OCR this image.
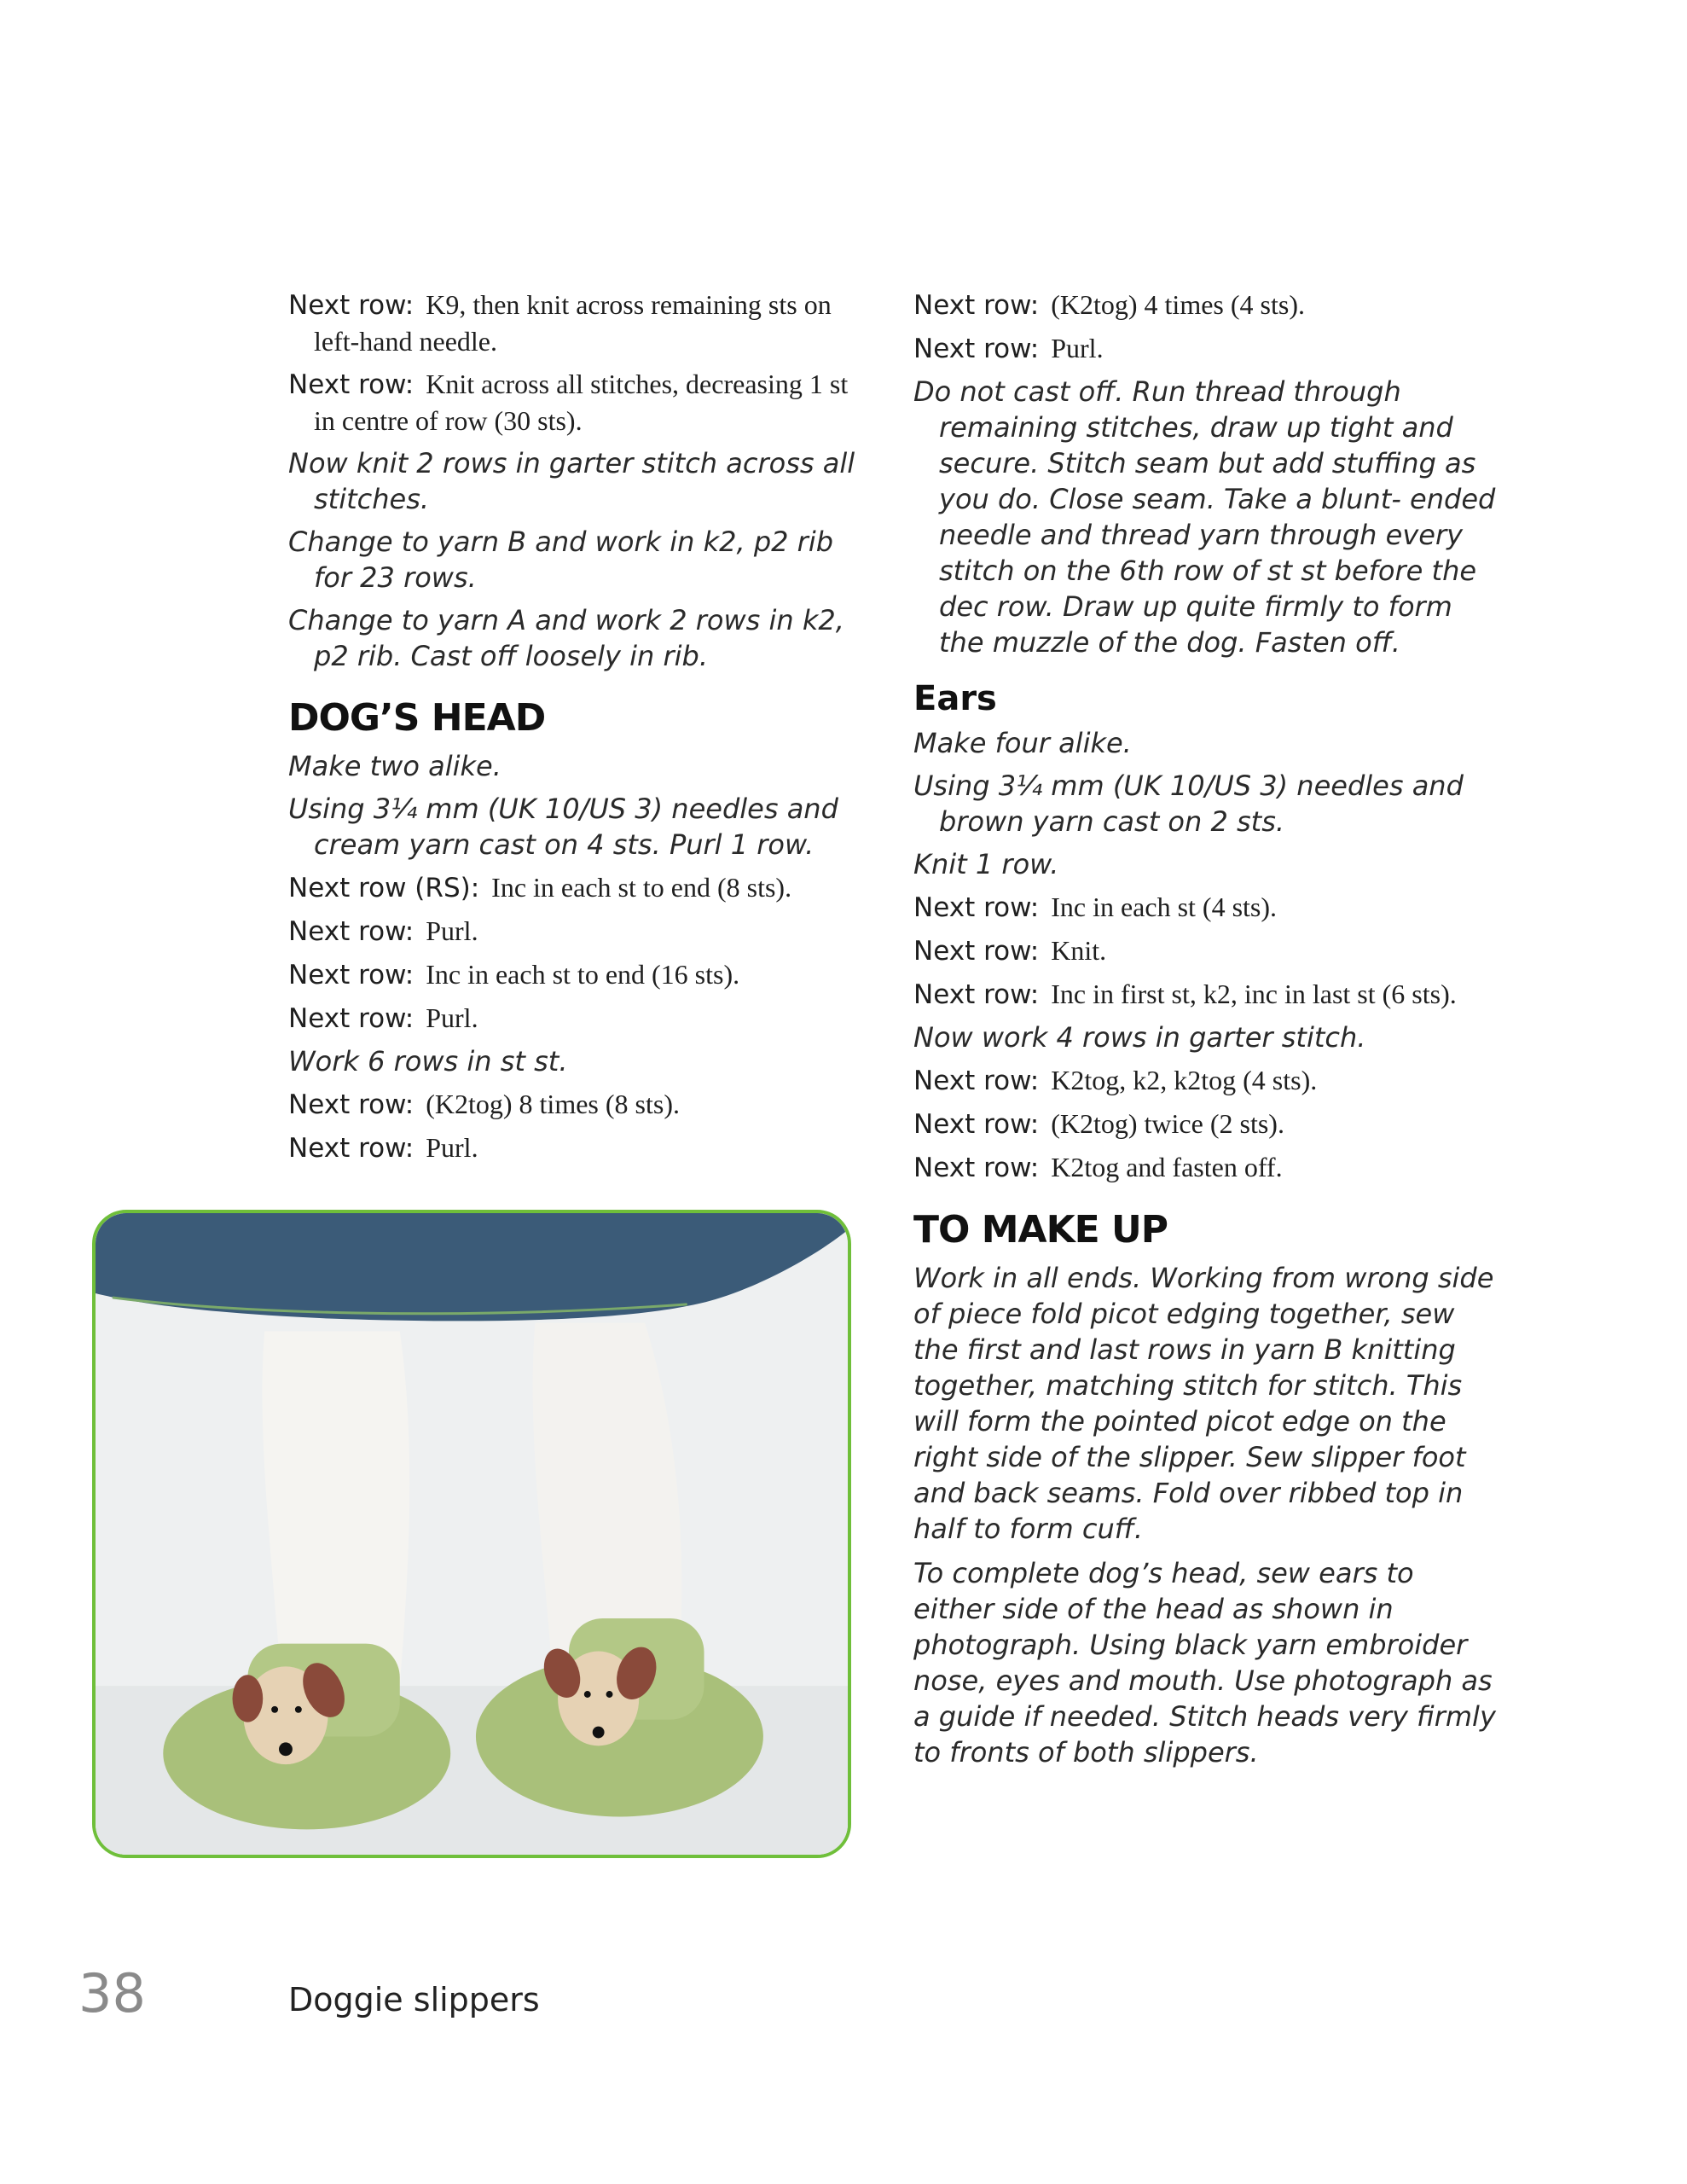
Next row: K9, then knit across remaining sts on left-hand needle.
Next row: Knit across all stitches, decreasing 1 st in centre of row (30 sts).
Now knit 2 rows in garter stitch across all stitches.
Change to yarn B and work in k2, p2 rib for 23 rows.
Change to yarn A and work 2 rows in k2, p2 rib. Cast off loosely in rib.
DOG’S HEAD
Make two alike.
Using 3¼ mm (UK 10/US 3) needles and cream yarn cast on 4 sts. Purl 1 row.
Next row (RS): Inc in each st to end (8 sts).
Next row: Purl.
Next row: Inc in each st to end (16 sts).
Next row: Purl.
Work 6 rows in st st.
Next row: (K2tog) 8 times (8 sts).
Next row: Purl.
Next row: (K2tog) 4 times (4 sts).
Next row: Purl.
Do not cast off. Run thread through remaining stitches, draw up tight and secure. Stitch seam but add stuffing as you do. Close seam. Take a blunt- ended needle and thread yarn through every stitch on the 6th row of st st before the dec row. Draw up quite firmly to form the muzzle of the dog. Fasten off.
Ears
Make four alike.
Using 3¼ mm (UK 10/US 3) needles and brown yarn cast on 2 sts.
Knit 1 row.
Next row: Inc in each st (4 sts).
Next row: Knit.
Next row: Inc in first st, k2, inc in last st (6 sts).
Now work 4 rows in garter stitch.
Next row: K2tog, k2, k2tog (4 sts).
Next row: (K2tog) twice (2 sts).
Next row: K2tog and fasten off.
TO MAKE UP
Work in all ends. Working from wrong side of piece fold picot edging together, sew the first and last rows in yarn B knitting together, matching stitch for stitch. This will form the pointed picot edge on the right side of the slipper. Sew slipper foot and back seams. Fold over ribbed top in half to form cuff.
To complete dog’s head, sew ears to either side of the head as shown in photograph. Using black yarn embroider nose, eyes and mouth. Use photograph as a guide if needed. Stitch heads very firmly to fronts of both slippers.
38	Doggie slippers
